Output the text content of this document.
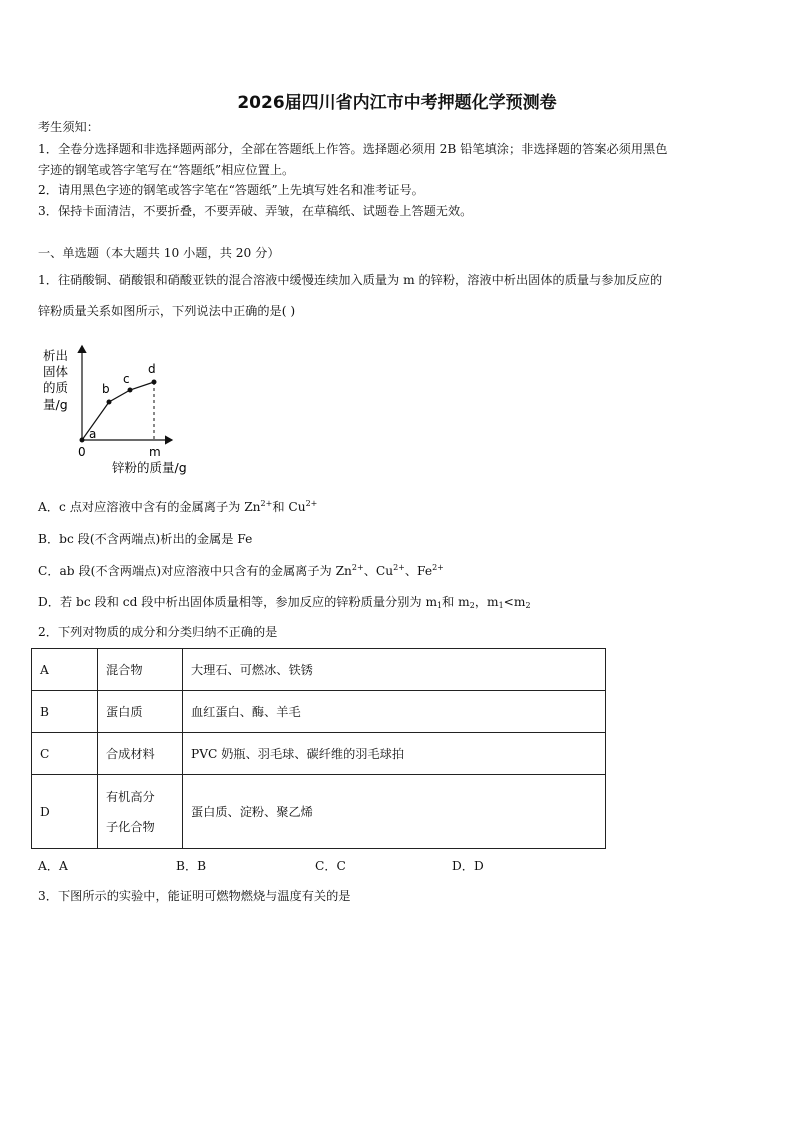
2026届四川省内江市中考押题化学预测卷
考生须知：
1．全卷分选择题和非选择题两部分，全部在答题纸上作答。选择题必须用 2B 铅笔填涂；非选择题的答案必须用黑色
字迹的钢笔或答字笔写在“答题纸”相应位置上。
2．请用黑色字迹的钢笔或答字笔在“答题纸”上先填写姓名和准考证号。
3．保持卡面清洁，不要折叠，不要弄破、弄皱，在草稿纸、试题卷上答题无效。
一、单选题（本大题共 10 小题，共 20 分）
1．往硝酸铜、硝酸银和硝酸亚铁的混合溶液中缓慢连续加入质量为 m 的锌粉，溶液中析出固体的质量与参加反应的
锌粉质量关系如图所示，下列说法中正确的是( )
析出
固体
的质
量/g
a
b
c
d
0	m
锌粉的质量/g
A．c 点对应溶液中含有的金属离子为 $Zn^{2+}$和 $Cu^{2+}$
B．bc 段(不含两端点)析出的金属是 Fe
C．ab 段(不含两端点)对应溶液中只含有的金属离子为 $Zn^{2+}$、$Cu^{2+}$、$Fe^{2+}$
D．若 bc 段和 cd 段中析出固体质量相等，参加反应的锌粉质量分别为 $m_1$和 $m_2$，$m_1<m_2$
2．下列对物质的成分和分类归纳不正确的是
A	混合物	大理石、可燃冰、铁锈
B	蛋白质	血红蛋白、酶、羊毛
C	合成材料	PVC 奶瓶、羽毛球、碳纤维的羽毛球拍
D	有机高分
子化合物	蛋白质、淀粉、聚乙烯
A．A	B．B	C．C	D．D
3．下图所示的实验中，能证明可燃物燃烧与温度有关的是
